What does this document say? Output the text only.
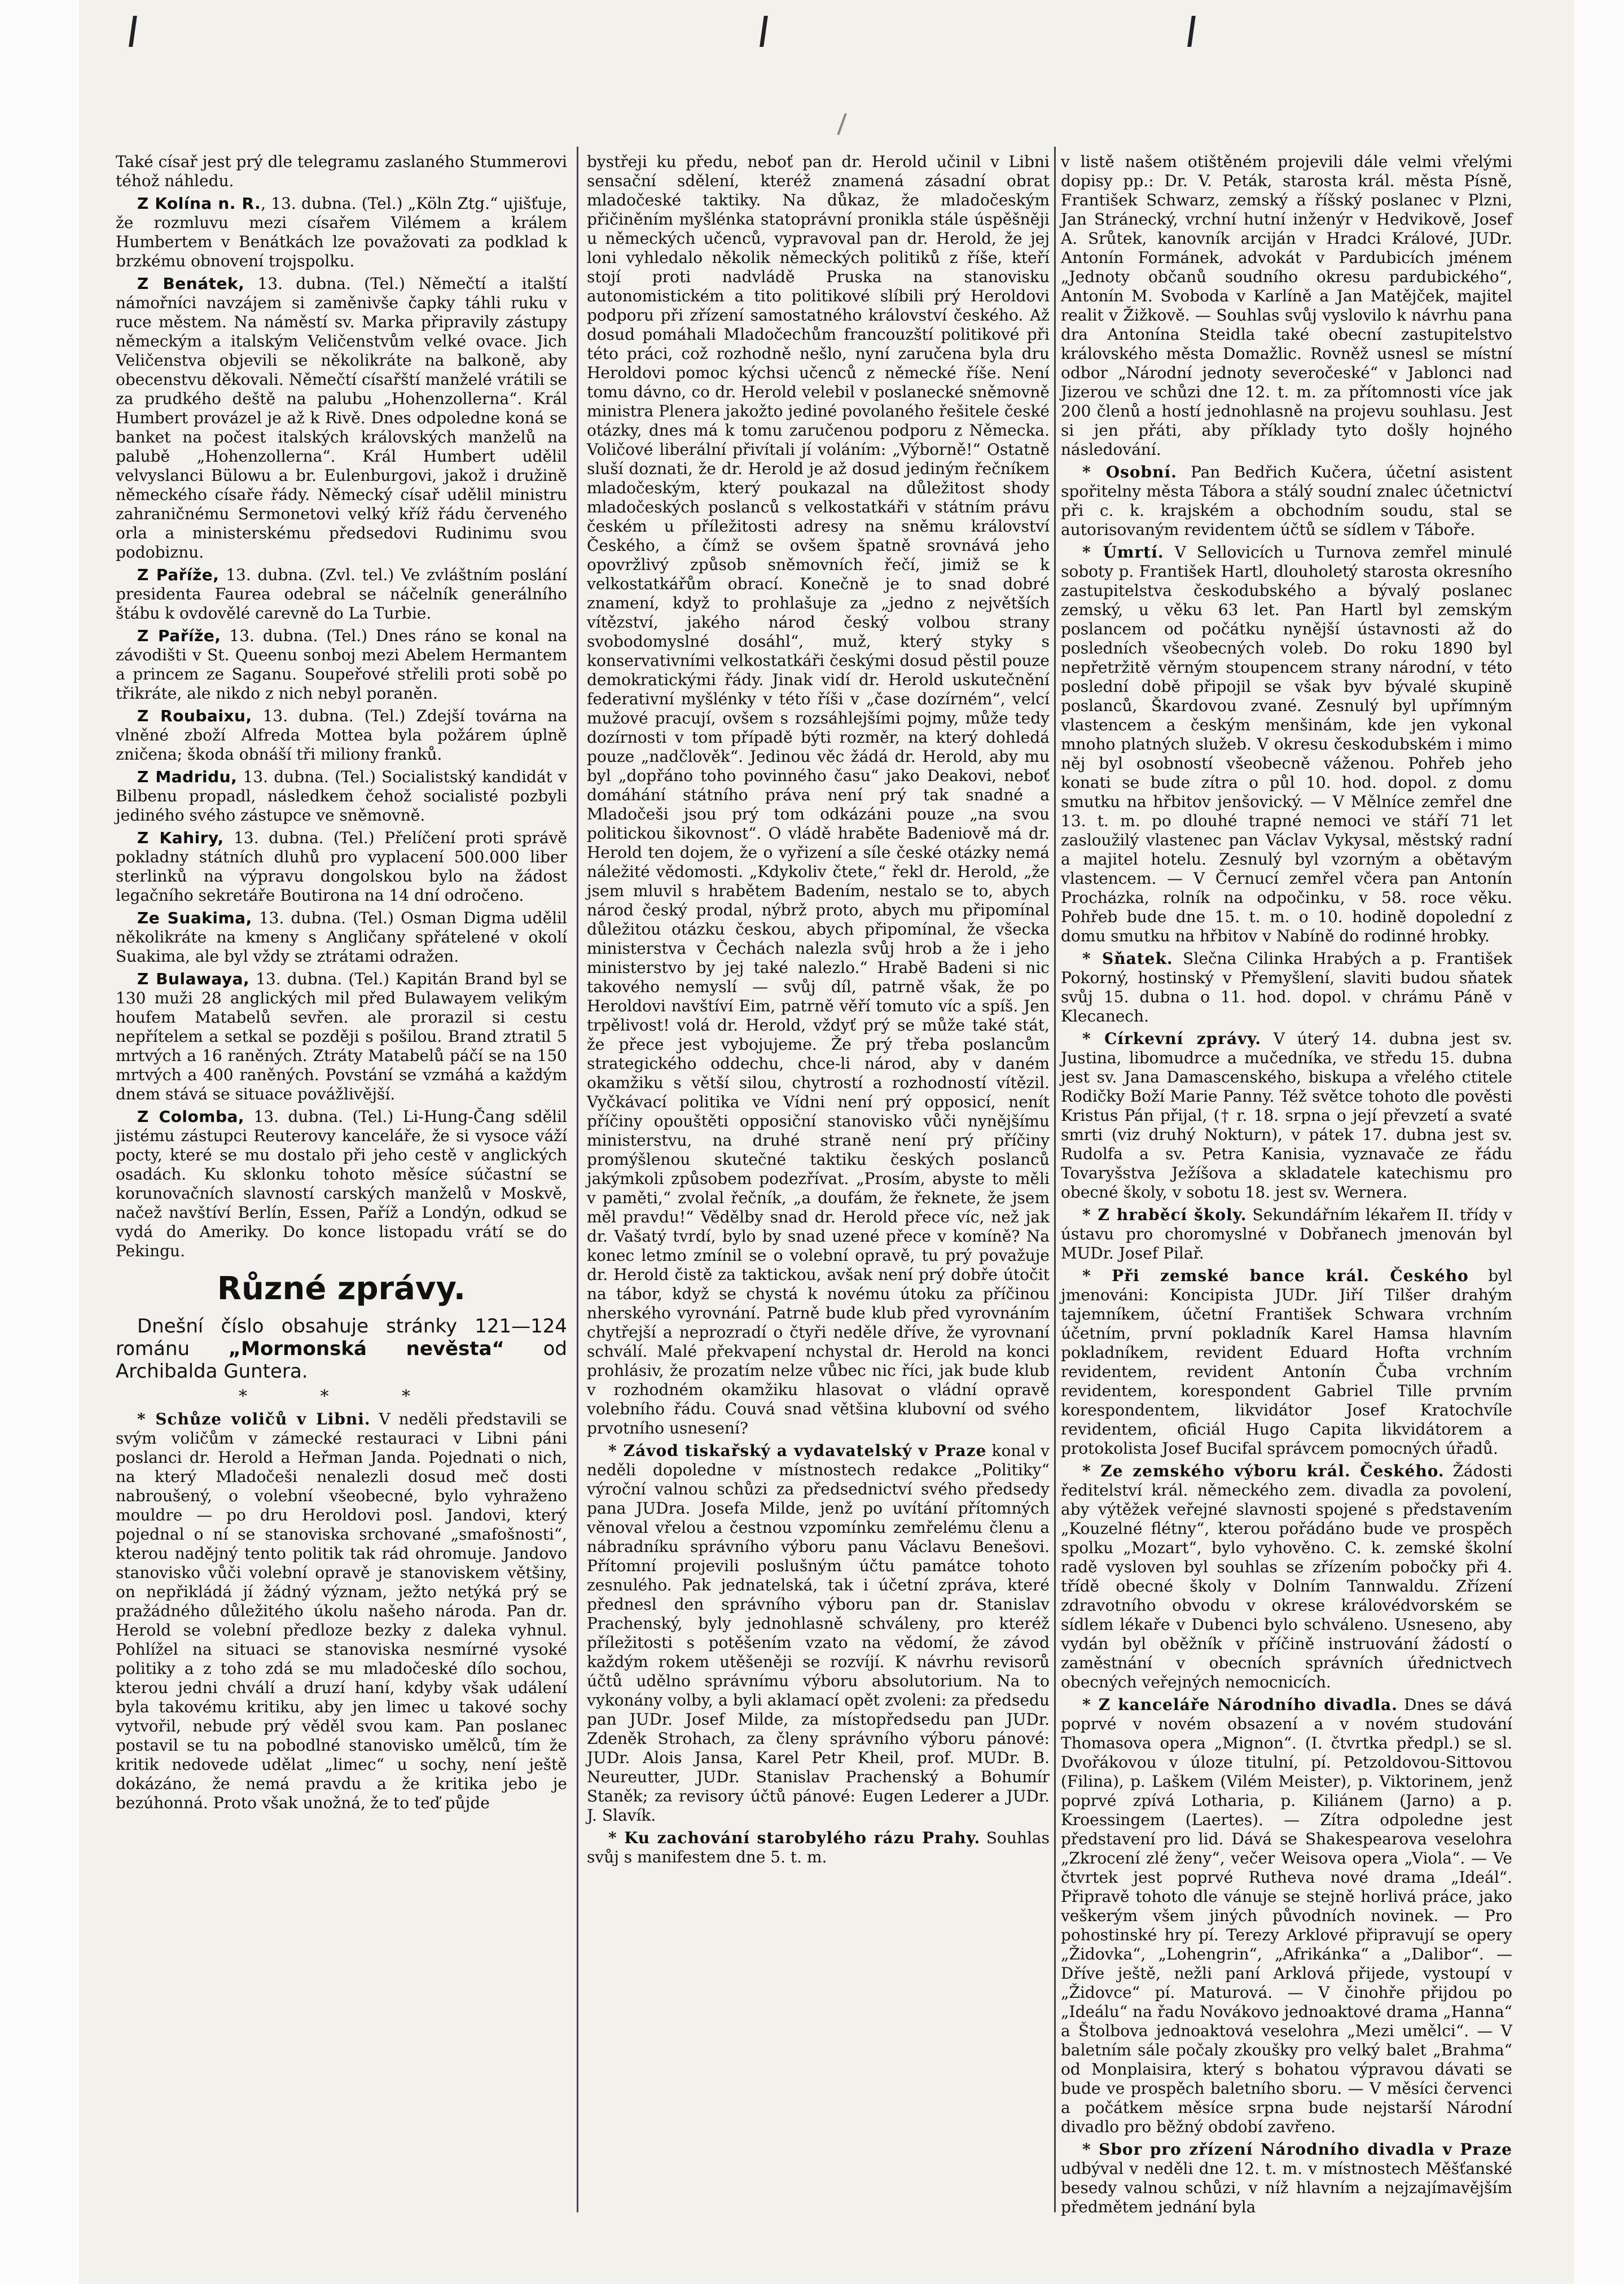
Také císař jest prý dle telegramu zaslaného Stummerovi téhož náhledu.

Z Kolína n. R., 13. dubna. (Tel.) „Köln Ztg.“ ujišťuje, že rozmluvu mezi císařem Vilémem a králem Humbertem v Benátkách lze považovati za podklad k brzkému obnovení trojspolku.

Z Benátek, 13. dubna. (Tel.) Němečtí a italští námořníci navzájem si zaměnivše čapky táhli ruku v ruce městem. Na náměstí sv. Marka připravily zástupy německým a italským Veličenstvům velké ovace. Jich Veličenstva objevili se několikráte na balkoně, aby obecenstvu děkovali. Němečtí císařští manželé vrátili se za prudkého deště na palubu „Hohenzollerna“. Král Humbert provázel je až k Rivě. Dnes odpoledne koná se banket na počest italských královských manželů na palubě „Hohenzollerna“. Král Humbert udělil velvyslanci Bülowu a br. Eulenburgovi, jakož i družině německého císaře řády. Německý císař udělil ministru zahraničnému Sermonetovi velký kříž řádu červeného orla a ministerskému předsedovi Rudinimu svou podobiznu.

Z Paříže, 13. dubna. (Zvl. tel.) Ve zvláštním poslání presidenta Faurea odebral se náčelník generálního štábu k ovdovělé carevně do La Turbie.

Z Paříže, 13. dubna. (Tel.) Dnes ráno se konal na závodišti v St. Queenu sonboj mezi Abelem Hermantem a princem ze Saganu. Soupeřové střelili proti sobě po třikráte, ale nikdo z nich nebyl poraněn.

Z Roubaixu, 13. dubna. (Tel.) Zdejší továrna na vlněné zboží Alfreda Mottea byla požárem úplně zničena; škoda obnáší tři miliony franků.

Z Madridu, 13. dubna. (Tel.) Socialistský kandidát v Bilbenu propadl, následkem čehož socialisté pozbyli jediného svého zástupce ve sněmovně.

Z Kahiry, 13. dubna. (Tel.) Přelíčení proti správě pokladny státních dluhů pro vyplacení 500.000 liber sterlinků na výpravu dongolskou bylo na žádost legačního sekretáře Boutirona na 14 dní odročeno.

Ze Suakima, 13. dubna. (Tel.) Osman Digma udělil několikráte na kmeny s Angličany spřátelené v okolí Suakima, ale byl vždy se ztrátami odražen.

Z Bulawaya, 13. dubna. (Tel.) Kapitán Brand byl se 130 muži 28 anglických mil před Bulawayem velikým houfem Matabelů sevřen. ale prorazil si cestu nepřítelem a setkal se později s pošilou. Brand ztratil 5 mrtvých a 16 raněných. Ztráty Matabelů páčí se na 150 mrtvých a 400 raněných. Povstání se vzmáhá a každým dnem stává se situace povážlivější.

Z Colomba, 13. dubna. (Tel.) Li-Hung-Čang sdělil jistému zástupci Reuterovy kanceláře, že si vysoce váží pocty, které se mu dostalo při jeho cestě v anglických osadách. Ku sklonku tohoto měsíce súčastní se korunovačních slavností carských manželů v Moskvě, načež navštíví Berlín, Essen, Paříž a Londýn, odkud se vydá do Ameriky. Do konce listopadu vrátí se do Pekingu.

Různé zprávy.

Dnešní číslo obsahuje stránky 121—124 románu „Mormonská nevěsta“ od Archibalda Guntera.

* * *

* Schůze voličů v Libni. V neděli představili se svým voličům v zámecké restauraci v Libni páni poslanci dr. Herold a Heřman Janda. Pojednati o nich, na který Mladočeši nenalezli dosud meč dosti nabroušený, o volební všeobecné, bylo vyhraženo mouldre — po dru Heroldovi posl. Jandovi, který pojednal o ní se stanoviska srchované „smafošnosti“, kterou nadějný tento politik tak rád ohromuje. Jandovo stanovisko vůči volební opravě je stanoviskem většiny, on nepřikládá jí žádný význam, ježto netýká prý se pražádného důležitého úkolu našeho národa. Pan dr. Herold se volební předloze bezky z daleka vyhnul. Pohlížel na situaci se stanoviska nesmírné vysoké politiky a z toho zdá se mu mladočeské dílo sochou, kterou jedni chválí a druzí haní, kdyby však událení byla takovému kritiku, aby jen limec u takové sochy vytvořil, nebude prý věděl svou kam. Pan poslanec postavil se tu na pobodlné stanovisko umělců, tím že kritik nedovede udělat „limec“ u sochy, není ještě dokázáno, že nemá pravdu a že kritika jebo je bezúhonná. Proto však unožná, že to teď půjde

bystřeji ku předu, neboť pan dr. Herold učinil v Libni sensační sdělení, kteréž znamená zásadní obrat mladočeské taktiky. Na důkaz, že mladočeským přičiněním myšlénka statoprávní pronikla stále úspěšněji u německých učenců, vypravoval pan dr. Herold, že jej loni vyhledalo několik německých politiků z říše, kteří stojí proti nadvládě Pruska na stanovisku autonomistickém a tito politikové slíbili prý Heroldovi podporu při zřízení samostatného království českého. Až dosud pomáhali Mladočechům francouzští politikové při této práci, což rozhodně nešlo, nyní zaručena byla dru Heroldovi pomoc kýchsi učenců z německé říše. Není tomu dávno, co dr. Herold velebil v poslanecké sněmovně ministra Plenera jakožto jediné povolaného řešitele české otázky, dnes má k tomu zaručenou podporu z Německa. Voličové liberální přivítali jí voláním: „Výborně!“ Ostatně sluší doznati, že dr. Herold je až dosud jediným řečníkem mladočeským, který poukazal na důležitost shody mladočeských poslanců s velkostatkáři v státním právu českém u příležitosti adresy na sněmu království Českého, a čímž se ovšem špatně srovnává jeho opovržlivý způsob sněmovních řečí, jimiž se k velkostatkářům obrací. Konečně je to snad dobré znamení, když to prohlašuje za „jedno z největších vítězství, jakého národ český volbou strany svobodomyslné dosáhl“, muž, který styky s konservativními velkostatkáři českými dosud pěstil pouze demokratickými řády. Jinak vidí dr. Herold uskutečnění federativní myšlénky v této říši v „čase dozírném“, velcí mužové pracují, ovšem s rozsáhlejšími pojmy, může tedy dozírnosti v tom případě býti rozměr, na který dohledá pouze „nadčlověk“. Jedinou věc žádá dr. Herold, aby mu byl „dopřáno toho povinného času“ jako Deakovi, neboť domáhání státního práva není prý tak snadné a Mladočeši jsou prý tom odkázáni pouze „na svou politickou šikovnost“. O vládě hraběte Badeniově má dr. Herold ten dojem, že o vyřizení a síle české otázky nemá náležité vědomosti. „Kdykoliv čtete,“ řekl dr. Herold, „že jsem mluvil s hrabětem Badením, nestalo se to, abych národ český prodal, nýbrž proto, abych mu připomínal důležitou otázku českou, abych připomínal, že všecka ministerstva v Čechách nalezla svůj hrob a že i jeho ministerstvo by jej také nalezlo.“ Hrabě Badeni si nic takového nemyslí — svůj díl, patrně však, že po Heroldovi navštíví Eim, patrně věří tomuto víc a spíš. Jen trpělivost! volá dr. Herold, vždyť prý se může také stát, že přece jest vybojujeme. Že prý třeba poslancům strategického oddechu, chce-li národ, aby v daném okamžiku s větší silou, chytrostí a rozhodností vítězil. Vyčkávací politika ve Vídni není prý opposicí, nenít příčiny opouštěti opposiční stanovisko vůči nynějšímu ministerstvu, na druhé straně není prý příčiny promýšlenou skutečné taktiku českých poslanců jakýmkoli způsobem podezřívat. „Prosím, abyste to měli v paměti,“ zvolal řečník, „a doufám, že řeknete, že jsem měl pravdu!“ Vědělby snad dr. Herold přece víc, než jak dr. Vašatý tvrdí, bylo by snad uzené přece v komíně? Na konec letmo zmínil se o volební opravě, tu prý považuje dr. Herold čistě za taktickou, avšak není prý dobře útočit na tábor, když se chystá k novému útoku za příčinou nherského vyrovnání. Patrně bude klub před vyrovnáním chytřejší a neprozradí o čtyři neděle dříve, že vyrovnaní schválí. Malé překvapení nchystal dr. Herold na konci prohlásiv, že prozatím nelze vůbec nic říci, jak bude klub v rozhodném okamžiku hlasovat o vládní opravě volebního řádu. Couvá snad většina klubovní od svého prvotního usnesení?

* Závod tiskařský a vydavatelský v Praze konal v neděli dopoledne v místnostech redakce „Politiky“ výroční valnou schůzi za předsednictví svého předsedy pana JUDra. Josefa Milde, jenž po uvítání přítomných věnoval vřelou a čestnou vzpomínku zemřelému členu a nábradníku správního výboru panu Václavu Benešovi. Přítomní projevili poslušným účtu památce tohoto zesnulého. Pak jednatelská, tak i účetní zpráva, které přednesl den správního výboru pan dr. Stanislav Prachenský, byly jednohlasně schváleny, pro kteréž příležitosti s potěšením vzato na vědomí, že závod každým rokem utěšeněji se rozvíjí. K návrhu revisorů účtů udělno správnímu výboru absolutorium. Na to vykonány volby, a byli aklamací opět zvoleni: za předsedu pan JUDr. Josef Milde, za místopředsedu pan JUDr. Zdeněk Strohach, za členy správního výboru pánové: JUDr. Alois Jansa, Karel Petr Kheil, prof. MUDr. B. Neureutter, JUDr. Stanislav Prachenský a Bohumír Staněk; za revisory účtů pánové: Eugen Lederer a JUDr. J. Slavík.

* Ku zachování starobylého rázu Prahy. Souhlas svůj s manifestem dne 5. t. m.

v listě našem otištěném projevili dále velmi vřelými dopisy pp.: Dr. V. Peták, starosta král. města Písně, František Schwarz, zemský a říšský poslanec v Plzni, Jan Stránecký, vrchní hutní inženýr v Hedvikově, Josef A. Srůtek, kanovník arciján v Hradci Králové, JUDr. Antonín Formánek, advokát v Pardubicích jménem „Jednoty občanů soudního okresu pardubického“, Antonín M. Svoboda v Karlíně a Jan Matějček, majitel realit v Žižkově. — Souhlas svůj vyslovilo k návrhu pana dra Antonína Steidla také obecní zastupitelstvo královského města Domažlic. Rovněž usnesl se místní odbor „Národní jednoty severočeské“ v Jablonci nad Jizerou ve schůzi dne 12. t. m. za přítomnosti více jak 200 členů a hostí jednohlasně na projevu souhlasu. Jest si jen přáti, aby příklady tyto došly hojného následování.

* Osobní. Pan Bedřich Kučera, účetní asistent spořitelny města Tábora a stálý soudní znalec účetnictví při c. k. krajském a obchodním soudu, stal se autorisovaným revidentem účtů se sídlem v Táboře.

* Úmrtí. V Sellovicích u Turnova zemřel minulé soboty p. František Hartl, dlouholetý starosta okresního zastupitelstva českodubského a bývalý poslanec zemský, u věku 63 let. Pan Hartl byl zemským poslancem od počátku nynější ústavnosti až do posledních všeobecných voleb. Do roku 1890 byl nepřetržitě věrným stoupencem strany národní, v této poslední době připojil se však byv bývalé skupině poslanců, Škardovou zvané. Zesnulý byl upřímným vlastencem a českým menšinám, kde jen vykonal mnoho platných služeb. V okresu českodubském i mimo něj byl osobností všeobecně váženou. Pohřeb jeho konati se bude zítra o půl 10. hod. dopol. z domu smutku na hřbitov jenšovický. — V Mělníce zemřel dne 13. t. m. po dlouhé trapné nemoci ve stáří 71 let zasloužilý vlastenec pan Václav Vykysal, městský radní a majitel hotelu. Zesnulý byl vzorným a obětavým vlastencem. — V Černucí zemřel včera pan Antonín Procházka, rolník na odpočinku, v 58. roce věku. Pohřeb bude dne 15. t. m. o 10. hodině dopolední z domu smutku na hřbitov v Nabíně do rodinné hrobky.

* Sňatek. Slečna Cilinka Hrabých a p. František Pokorný, hostinský v Přemyšlení, slaviti budou sňatek svůj 15. dubna o 11. hod. dopol. v chrámu Páně v Klecanech.

* Církevní zprávy. V úterý 14. dubna jest sv. Justina, libomudrce a mučedníka, ve středu 15. dubna jest sv. Jana Damascenského, biskupa a vřelého ctitele Rodičky Boží Marie Panny. Též světce tohoto dle pověsti Kristus Pán přijal, († r. 18. srpna o její převzetí a svaté smrti (viz druhý Nokturn), v pátek 17. dubna jest sv. Rudolfa a sv. Petra Kanisia, vyznavače ze řádu Tovaryšstva Ježíšova a skladatele katechismu pro obecné školy, v sobotu 18. jest sv. Wernera.

* Z hraběcí školy. Sekundářním lékařem II. třídy v ústavu pro choromyslné v Dobřanech jmenován byl MUDr. Josef Pilař.

* Při zemské bance král. Českého byl jmenováni: Koncipista JUDr. Jiří Tilšer drahým tajemníkem, účetní František Schwara vrchním účetním, první pokladník Karel Hamsa hlavním pokladníkem, revident Eduard Hofta vrchním revidentem, revident Antonín Čuba vrchním revidentem, korespondent Gabriel Tille prvním korespondentem, likvidátor Josef Kratochvíle revidentem, oficiál Hugo Capita likvidátorem a protokolista Josef Bucifal správcem pomocných úřadů.

* Ze zemského výboru král. Českého. Žádosti ředitelství král. německého zem. divadla za povolení, aby výtěžek veřejné slavnosti spojené s představením „Kouzelné flétny“, kterou pořádáno bude ve prospěch spolku „Mozart“, bylo vyhověno. C. k. zemské školní radě vysloven byl souhlas se zřízením pobočky při 4. třídě obecné školy v Dolním Tannwaldu. Zřízení zdravotního obvodu v okrese královédvorském se sídlem lékaře v Dubenci bylo schváleno. Usneseno, aby vydán byl oběžník v příčině instruování žádostí o zaměstnání v obecních správních úřednictvech obecných veřejných nemocnicích.

* Z kanceláře Národního divadla. Dnes se dává poprvé v novém obsazení a v novém studování Thomasova opera „Mignon“. (I. čtvrtka předpl.) se sl. Dvořákovou v úloze titulní, pí. Petzoldovou-Sittovou (Filina), p. Laškem (Vilém Meister), p. Viktorinem, jenž poprvé zpívá Lotharia, p. Kiliánem (Jarno) a p. Kroessingem (Laertes). — Zítra odpoledne jest představení pro lid. Dává se Shakespearova veselohra „Zkrocení zlé ženy“, večer Weisova opera „Viola“. — Ve čtvrtek jest poprvé Rutheva nové drama „Ideál“. Připravě tohoto dle vánuje se stejně horlivá práce, jako veškerým všem jiných původních novinek. — Pro pohostinské hry pí. Terezy Arklové připravují se opery „Židovka“, „Lohengrin“, „Afrikánka“ a „Dalibor“. — Dříve ještě, nežli paní Arklová přijede, vystoupí v „Židovce“ pí. Maturová. — V činohře přijdou po „Ideálu“ na řadu Novákovo jednoaktové drama „Hanna“ a Štolbova jednoaktová veselohra „Mezi umělci“. — V baletním sále počaly zkoušky pro velký balet „Brahma“ od Monplaisira, který s bohatou výpravou dávati se bude ve prospěch baletního sboru. — V měsíci červenci a počátkem měsíce srpna bude nejstarší Národní divadlo pro běžný období zavřeno.

* Sbor pro zřízení Národního divadla v Praze udbýval v neděli dne 12. t. m. v místnostech Měšťanské besedy valnou schůzi, v níž hlavním a nejzajímavějším předmětem jednání byla
